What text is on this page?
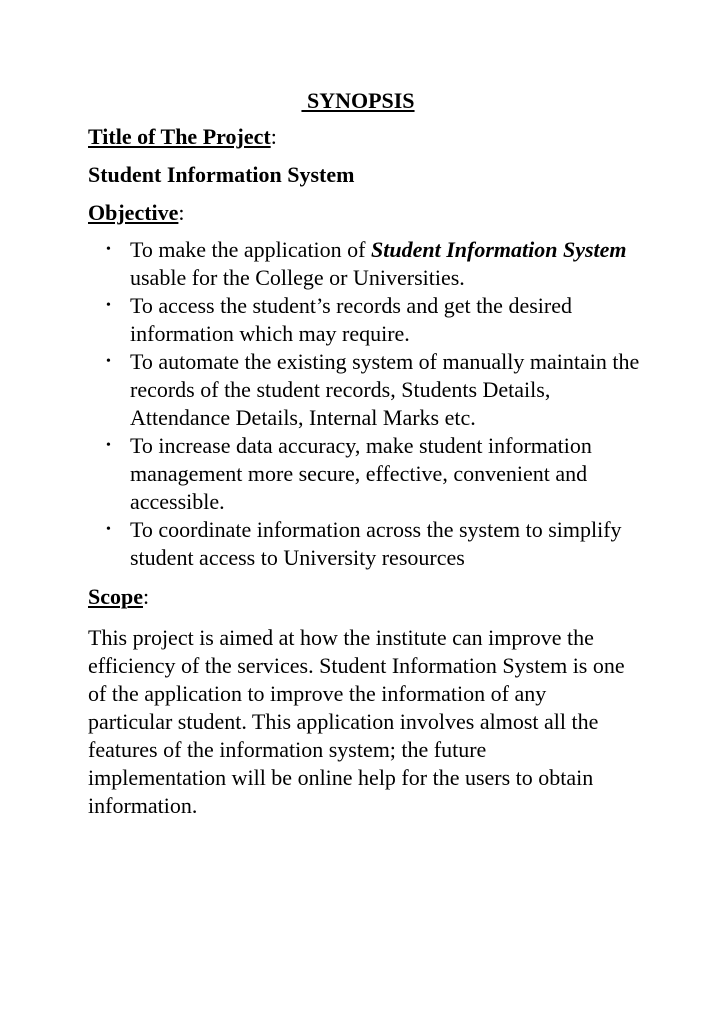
SYNOPSIS
Title of The Project:
Student Information System
Objective:
• To make the application of Student Information System usable for the College or Universities.
• To access the student’s records and get the desired information which may require.
• To automate the existing system of manually maintain the records of the student records, Students Details, Attendance Details, Internal Marks etc.
• To increase data accuracy, make student information management more secure, effective, convenient and accessible.
• To coordinate information across the system to simplify student access to University resources
Scope:

This project is aimed at how the institute can improve the efficiency of the services. Student Information System is one of the application to improve the information of any particular student. This application involves almost all the features of the information system; the future implementation will be online help for the users to obtain information.
